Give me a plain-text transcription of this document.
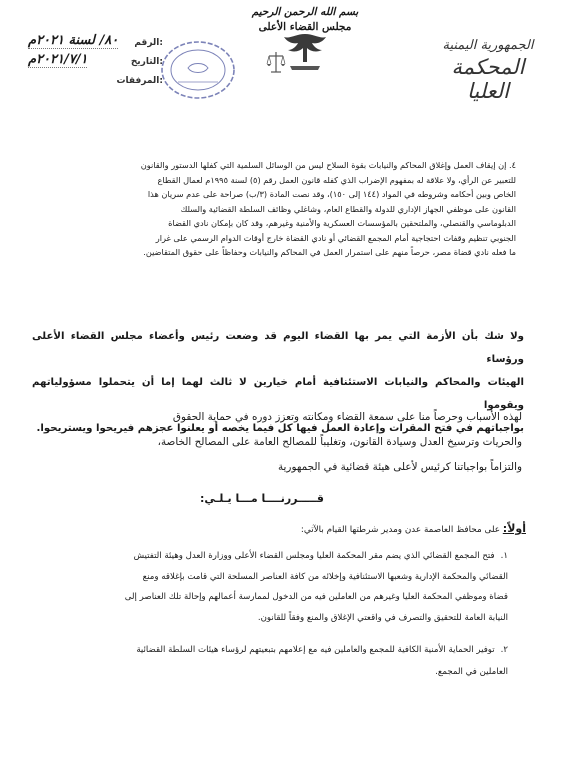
الجمهورية اليمنية
المحكمة العليا
بسم الله الرحمن الرحيم
مجلس القضاء الأعلى
٨٠/ لسنة ٢٠٢١م الرقم:
٢٠٢١/٧/١م	التاريخ:
المرفقات:
٤. إن إيقاف العمل وإغلاق المحاكم والنيابات بقوة السلاح ليس من الوسائل السلمية التي كفلها الدستور والقانون
للتعبير عن الرأي، ولا علاقة له بمفهوم الإضراب الذي كفله قانون العمل رقم (٥) لسنة ١٩٩٥م لعمال القطاع
الخاص وبين أحكامه وشروطه في المواد (١٤٤ إلى ١٥٠)، وقد نصت المادة (٣/ب) صراحة على عدم سريان هذا
القانون على موظفي الجهاز الإداري للدولة والقطاع العام، وشاغلي وظائف السلطة القضائية والسلك
الدبلوماسي والقنصلي، والملتحقين بالمؤسسات العسكرية والأمنية وغيرهم، وقد كان بإمكان نادي القضاة
الجنوبي تنظيم وقفات احتجاجية أمام المجمع القضائي أو نادي القضاة خارج أوقات الدوام الرسمي على غرار
ما فعله نادي قضاة مصر، حرصاً منهم على استمرار العمل في المحاكم والنيابات وحفاظاً على حقوق المتقاضين.
ولا شك بأن الأزمة التي يمر بها القضاء اليوم قد وضعت رئيس وأعضاء مجلس القضاء الأعلى ورؤساء
الهيئات والمحاكم والنيابات الاستئنافية أمام خيارين لا ثالث لهما إما أن يتحملوا مسؤولياتهم ويقوموا
بواجباتهم في فتح المقرات وإعادة العمل فيها كل فيما يخصه أو يعلنوا عجزهم فيريحوا ويستريحوا.
لهذه الأسباب وحرصاً منا على سمعة القضاء ومكانته وتعزز دوره في حماية الحقوق
والحريات وترسيخ العدل وسيادة القانون، وتغليباً للمصالح العامة على المصالح الخاصة،
والتزاماً بواجباتنا كرئيس لأعلى هيئة قضائية في الجمهورية
قـــــررنــــا مـــا يـلـي:
أولاً: على محافظ العاصمة عدن ومدير شرطتها القيام بالآتي:
١.فتح المجمع القضائي الذي يضم مقر المحكمة العليا ومجلس القضاء الأعلى ووزارة العدل وهيئة التفتيش
القضائي والمحكمة الإدارية وشعبها الاستئنافية وإخلائه من كافة العناصر المسلحة التي قامت بإغلاقه ومنع
قضاة وموظفي المحكمة العليا وغيرهم من العاملين فيه من الدخول لممارسة أعمالهم وإحالة تلك العناصر إلى
النيابة العامة للتحقيق والتصرف في واقعتي الإغلاق والمنع وفقاً للقانون.
٢.توفير الحماية الأمنية الكافية للمجمع والعاملين فيه مع إعلامهم بتبعيتهم لرؤساء هيئات السلطة القضائية
العاملين في المجمع.
